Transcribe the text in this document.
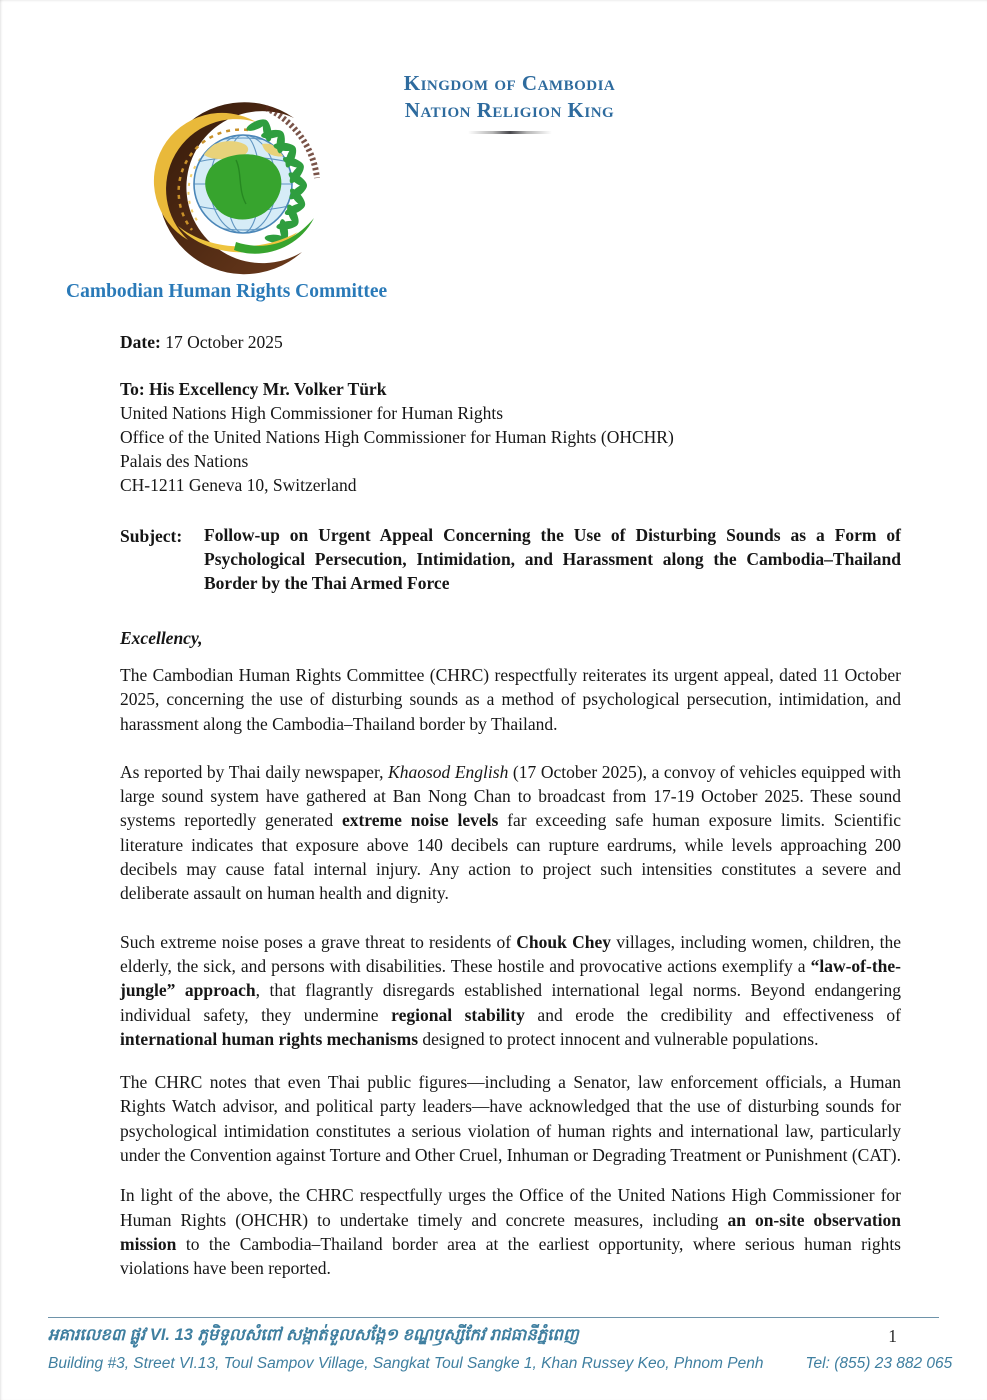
Kingdom of Cambodia
Nation Religion King
Cambodian Human Rights Committee
Date: 17 October 2025
To: His Excellency Mr. Volker Türk
United Nations High Commissioner for Human Rights
Office of the United Nations High Commissioner for Human Rights (OHCHR)
Palais des Nations
CH-1211 Geneva 10, Switzerland
Subject:	Follow-up on Urgent Appeal Concerning the Use of Disturbing Sounds as a Form of Psychological Persecution, Intimidation, and Harassment along the Cambodia–Thailand Border by the Thai Armed Force
Excellency,

The Cambodian Human Rights Committee (CHRC) respectfully reiterates its urgent appeal, dated 11 October 2025, concerning the use of disturbing sounds as a method of psychological persecution, intimidation, and harassment along the Cambodia–Thailand border by Thailand.

As reported by Thai daily newspaper, Khaosod English (17 October 2025), a convoy of vehicles equipped with large sound system have gathered at Ban Nong Chan to broadcast from 17-19 October 2025. These sound systems reportedly generated extreme noise levels far exceeding safe human exposure limits. Scientific literature indicates that exposure above 140 decibels can rupture eardrums, while levels approaching 200 decibels may cause fatal internal injury. Any action to project such intensities constitutes a severe and deliberate assault on human health and dignity.

Such extreme noise poses a grave threat to residents of Chouk Chey villages, including women, children, the elderly, the sick, and persons with disabilities. These hostile and provocative actions exemplify a “law-of-the-jungle” approach, that flagrantly disregards established international legal norms. Beyond endangering individual safety, they undermine regional stability and erode the credibility and effectiveness of international human rights mechanisms designed to protect innocent and vulnerable populations.

The CHRC notes that even Thai public figures—including a Senator, law enforcement officials, a Human Rights Watch advisor, and political party leaders—have acknowledged that the use of disturbing sounds for psychological intimidation constitutes a serious violation of human rights and international law, particularly under the Convention against Torture and Other Cruel, Inhuman or Degrading Treatment or Punishment (CAT).

In light of the above, the CHRC respectfully urges the Office of the United Nations High Commissioner for Human Rights (OHCHR) to undertake timely and concrete measures, including an on-site observation mission to the Cambodia–Thailand border area at the earliest opportunity, where serious human rights violations have been reported.

អគារលេខ៣ ផ្លូវ VI. 13 ភូមិទួលសំពៅ សង្កាត់ទួលសង្កែ១ ខណ្ឌឫស្សីកែវ រាជធានីភ្នំពេញ	1
Building #3, Street VI.13, Toul Sampov Village, Sangkat Toul Sangke 1, Khan Russey Keo, Phnom Penh	Tel: (855) 23 882 065
